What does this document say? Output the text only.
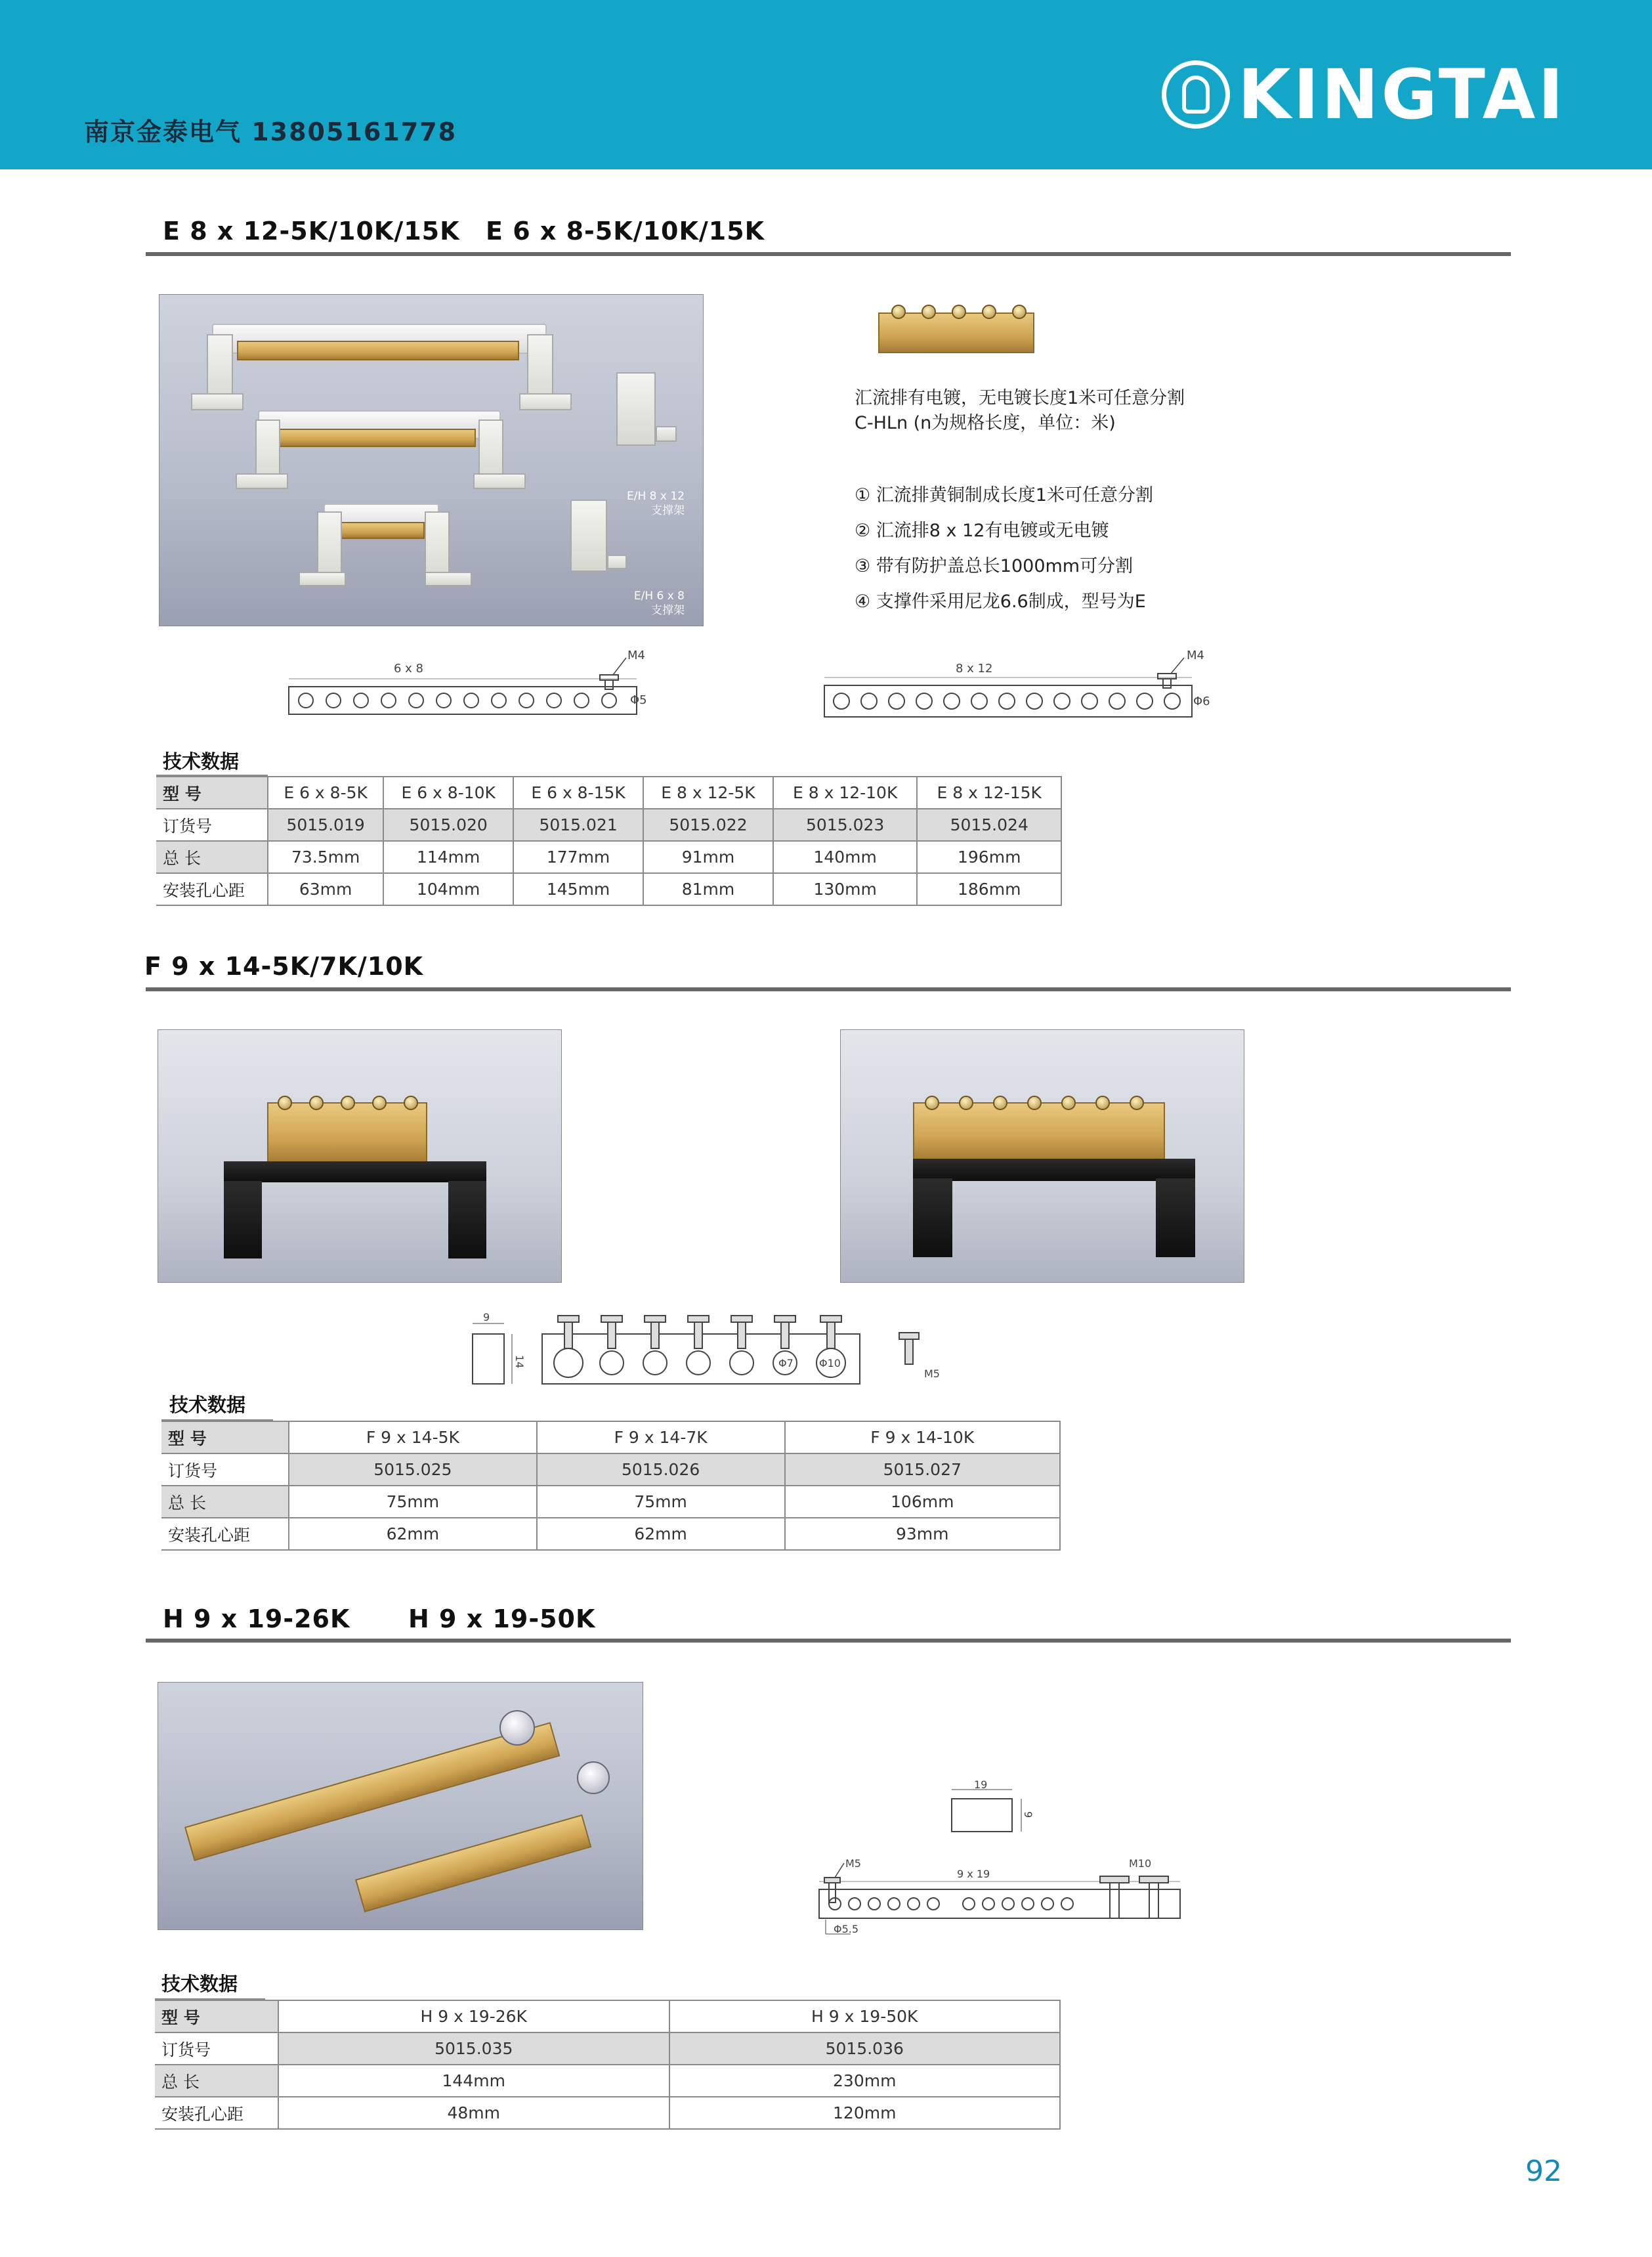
南京金泰电气 13805161778	KINGTAI
E 8 x 12-5K/10K/15K E 6 x 8-5K/10K/15K
E/H 8 x 12
支撑架
E/H 6 x 8
支撑架
汇流排有电镀，无电镀长度1米可任意分割
C-HLn (n为规格长度，单位：米)
① 汇流排黄铜制成长度1米可任意分割
② 汇流排8 x 12有电镀或无电镀
③ 带有防护盖总长1000mm可分割
④ 支撑件采用尼龙6.6制成，型号为E
6 x 8
M4
Φ5
8 x 12
M4
Φ6
技术数据
型 号	E 6 x 8-5K	E 6 x 8-10K	E 6 x 8-15K	E 8 x 12-5K	E 8 x 12-10K	E 8 x 12-15K
订货号	5015.019	5015.020	5015.021	5015.022	5015.023	5015.024
总 长	73.5mm	114mm	177mm	91mm	140mm	196mm
安装孔心距	63mm	104mm	145mm	81mm	130mm	186mm
F 9 x 14-5K/7K/10K
9
14	Φ7 Φ10
M5
技术数据
型 号	F 9 x 14-5K	F 9 x 14-7K	F 9 x 14-10K
订货号	5015.025	5015.026	5015.027
总 长	75mm	75mm	106mm
安装孔心距	62mm	62mm	93mm
H 9 x 19-26K H 9 x 19-50K
19
9
M5	M10
9 x 19
Φ5.5
技术数据
型 号	H 9 x 19-26K	H 9 x 19-50K
订货号	5015.035	5015.036
总 长	144mm	230mm
安装孔心距	48mm	120mm
92
